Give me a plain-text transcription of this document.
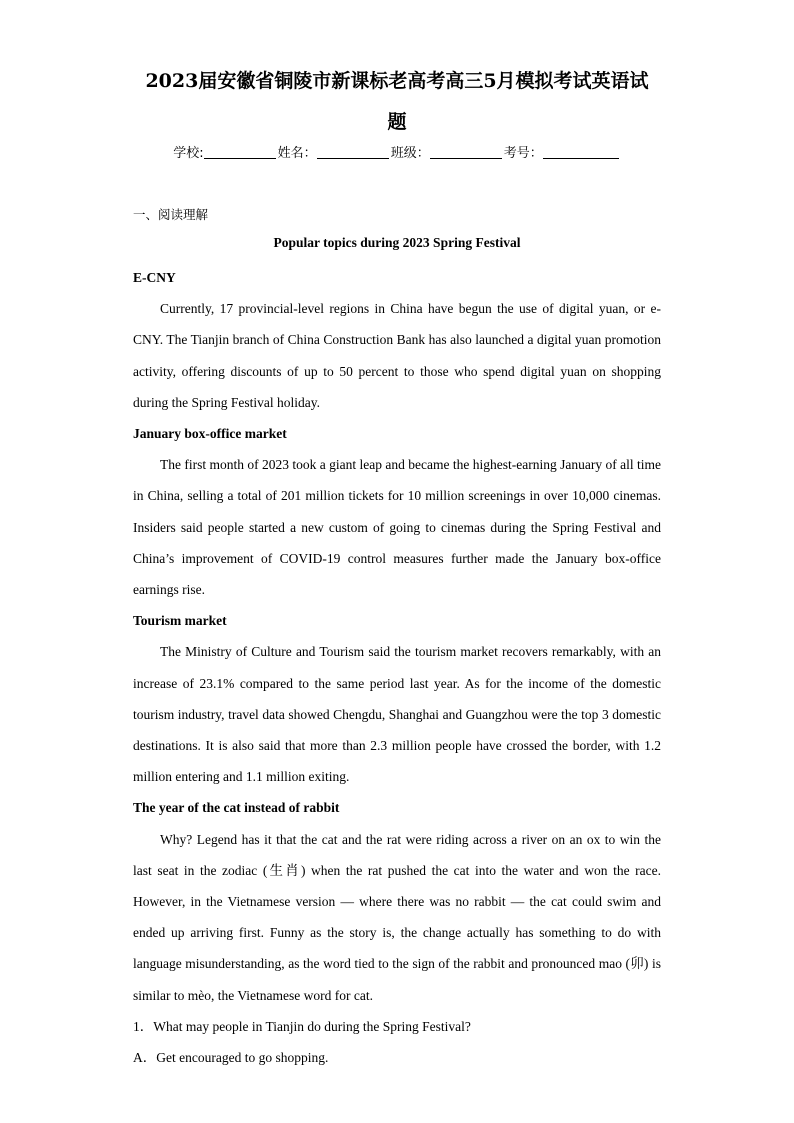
2023届安徽省铜陵市新课标老高考高三5月模拟考试英语试
题
学校:	姓名：	班级：	考号：
一、阅读理解
Popular topics during 2023 Spring Festival

E-CNY

Currently, 17 provincial-level regions in China have begun the use of digital yuan, or e-CNY. The Tianjin branch of China Construction Bank has also launched a digital yuan promotion activity, offering discounts of up to 50 percent to those who spend digital yuan on shopping during the Spring Festival holiday.

January box-office market

The first month of 2023 took a giant leap and became the highest-earning January of all time in China, selling a total of 201 million tickets for 10 million screenings in over 10,000 cinemas. Insiders said people started a new custom of going to cinemas during the Spring Festival and China’s improvement of COVID-19 control measures further made the January box-office earnings rise.

Tourism market

The Ministry of Culture and Tourism said the tourism market recovers remarkably, with an increase of 23.1% compared to the same period last year. As for the income of the domestic tourism industry, travel data showed Chengdu, Shanghai and Guangzhou were the top 3 domestic destinations. It is also said that more than 2.3 million people have crossed the border, with 1.2 million entering and 1.1 million exiting.

The year of the cat instead of rabbit

Why? Legend has it that the cat and the rat were riding across a river on an ox to win the last seat in the zodiac (生肖) when the rat pushed the cat into the water and won the race. However, in the Vietnamese version — where there was no rabbit — the cat could swim and ended up arriving first. Funny as the story is, the change actually has something to do with language misunderstanding, as the word tied to the sign of the rabbit and pronounced mao (卯) is similar to mèo, the Vietnamese word for cat.

1．What may people in Tianjin do during the Spring Festival?

A．Get encouraged to go shopping.
